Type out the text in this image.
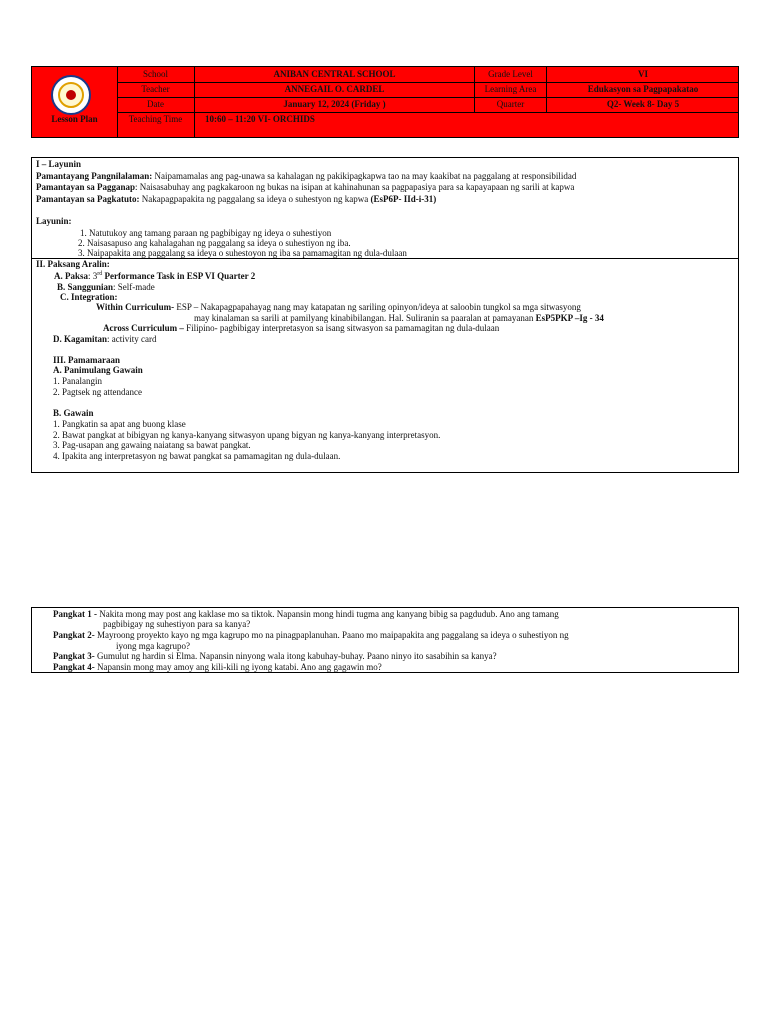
Lesson Plan
School	ANIBAN CENTRAL SCHOOL	Grade Level	VI
Teacher	ANNEGAIL O. CARDEL	Learning Area	Edukasyon sa Pagpapakatao
Date	January 12, 2024 (Friday )	Quarter	Q2- Week 8- Day 5
Teaching Time	10:60 – 11:20 VI- ORCHIDS
I – Layunin
Pamantayang Pangnilalaman: Naipamamalas ang pag-unawa sa kahalagan ng pakikipagkapwa tao na may kaakibat na paggalang at responsibilidad
Pamantayan sa Pagganap: Naisasabuhay ang pagkakaroon ng bukas na isipan at kahinahunan sa pagpapasiya para sa kapayapaan ng sarili at kapwa
Pamantayan sa Pagkatuto: Nakapagpapakita ng paggalang sa ideya o suhestyon ng kapwa (EsP6P- IId-i-31)
Layunin:
1. Natutukoy ang tamang paraan ng pagbibigay ng ideya o suhestiyon
2. Naisasapuso ang kahalagahan ng paggalang sa ideya o suhestiyon ng iba.
3. Naipapakita ang paggalang sa ideya o suhestoyon ng iba sa pamamagitan ng dula-dulaan
II. Paksang Aralin:
A. Paksa: 3rd Performance Task in ESP VI Quarter 2
B. Sanggunian: Self-made
C. Integration:
Within Curriculum- ESP – Nakapagpapahayag nang may katapatan ng sariling opinyon/ideya at saloobin tungkol sa mga sitwasyong
may kinalaman sa sarili at pamilyang kinabibilangan. Hal. Suliranin sa paaralan at pamayanan EsP5PKP –Ig - 34
Across Curriculum – Filipino- pagbibigay interpretasyon sa isang sitwasyon sa pamamagitan ng dula-dulaan
D. Kagamitan: activity card
III. Pamamaraan
A. Panimulang Gawain
1. Panalangin
2. Pagtsek ng attendance
B. Gawain
1. Pangkatin sa apat ang buong klase
2. Bawat pangkat at bibigyan ng kanya-kanyang sitwasyon upang bigyan ng kanya-kanyang interpretasyon.
3. Pag-usapan ang gawaing naiatang sa bawat pangkat.
4. Ipakita ang interpretasyon ng bawat pangkat sa pamamagitan ng dula-dulaan.
Pangkat 1 - Nakita mong may post ang kaklase mo sa tiktok. Napansin mong hindi tugma ang kanyang bibig sa pagdudub. Ano ang tamang
pagbibigay ng suhestiyon para sa kanya?
Pangkat 2- Mayroong proyekto kayo ng mga kagrupo mo na pinagpaplanuhan. Paano mo maipapakita ang paggalang sa ideya o suhestiyon ng
iyong mga kagrupo?
Pangkat 3- Gumulut ng hardin si Elma. Napansin ninyong wala itong kabuhay-buhay. Paano ninyo ito sasabihin sa kanya?
Pangkat 4- Napansin mong may amoy ang kili-kili ng iyong katabi. Ano ang gagawin mo?
